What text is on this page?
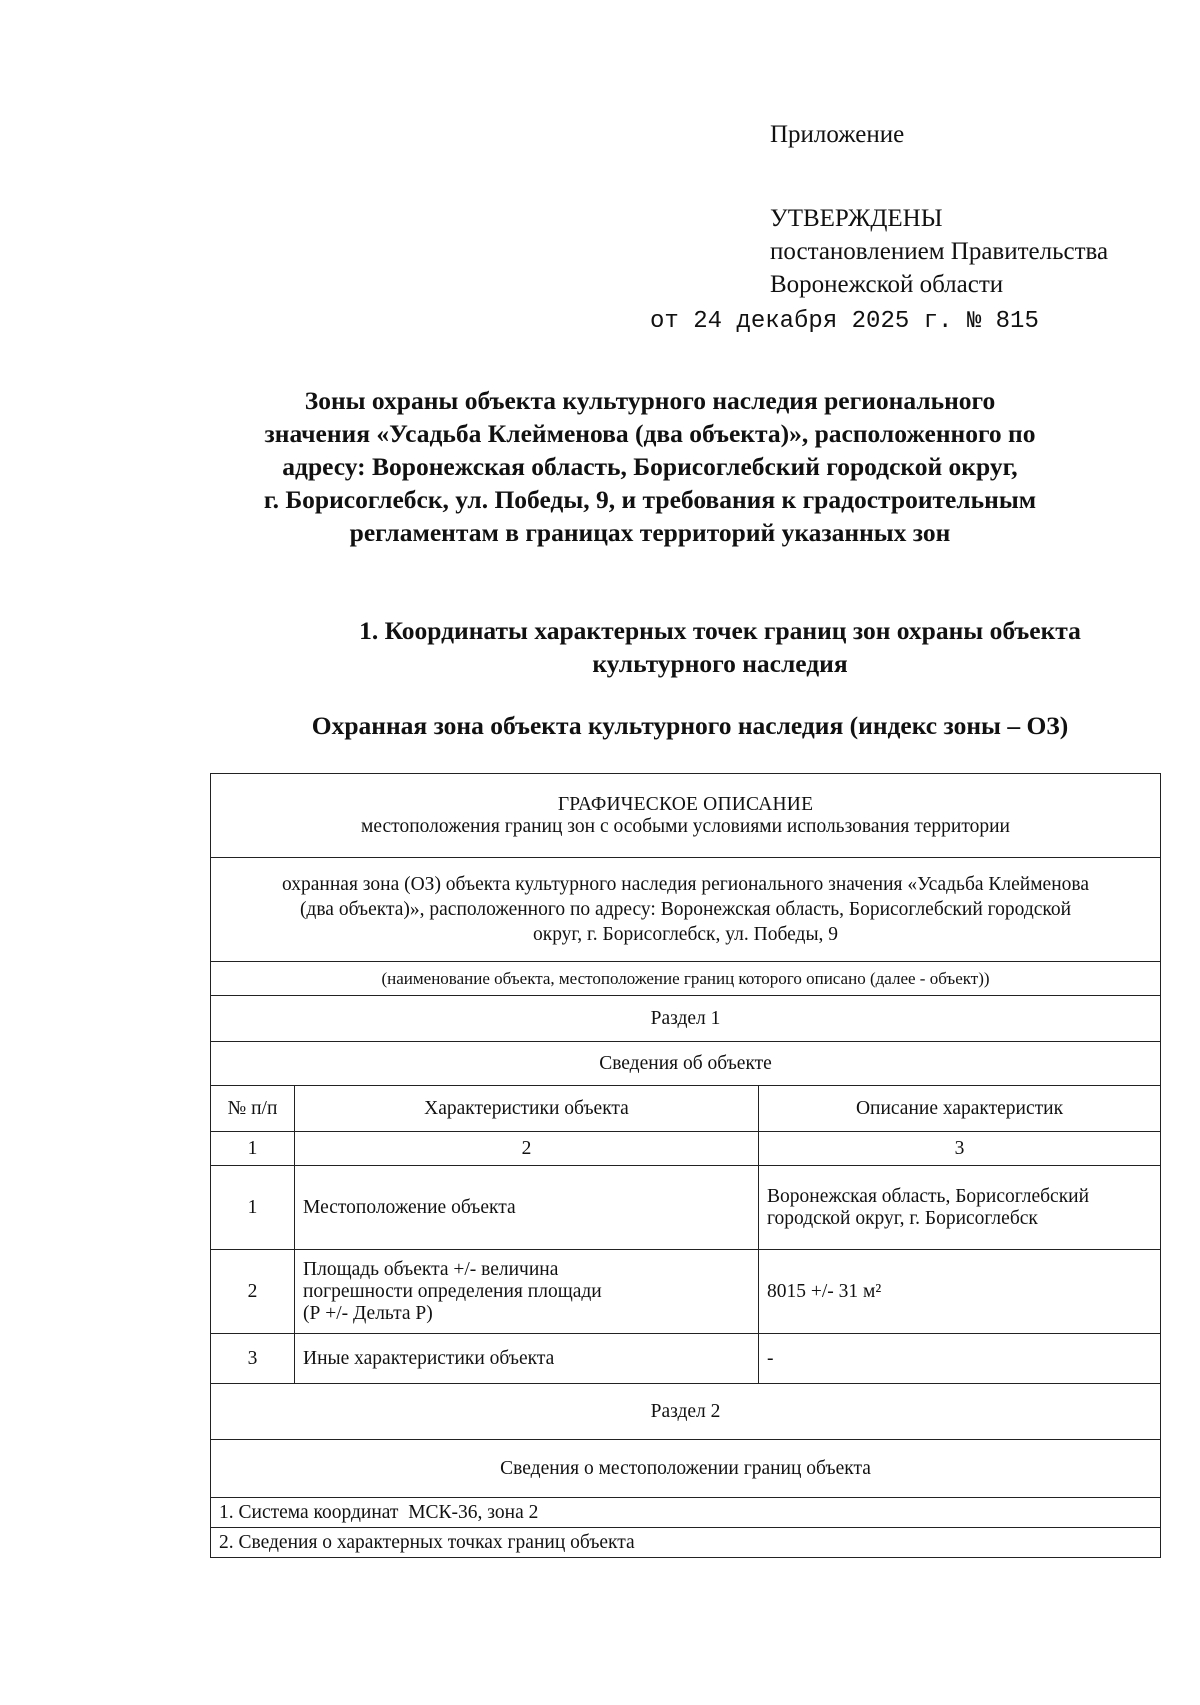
Приложение
УТВЕРЖДЕНЫ
постановлением Правительства
Воронежской области
от 24 декабря 2025 г. № 815
Зоны охраны объекта культурного наследия регионального
значения «Усадьба Клейменова (два объекта)», расположенного по
адресу: Воронежская область, Борисоглебский городской округ,
г. Борисоглебск, ул. Победы, 9, и требования к градостроительным
регламентам в границах территорий указанных зон
1. Координаты характерных точек границ зон охраны объекта
культурного наследия
Охранная зона объекта культурного наследия (индекс зоны – ОЗ)
ГРАФИЧЕСКОЕ ОПИСАНИЕ
местоположения границ зон с особыми условиями использования территории		

охранная зона (ОЗ) объекта культурного наследия регионального значения «Усадьба Клейменова
(два объекта)», расположенного по адресу: Воронежская область, Борисоглебский городской
округ, г. Борисоглебск, ул. Победы, 9		

(наименование объекта, местоположение границ которого описано (далее - объект))		
Раздел 1		
Сведения об объекте		
№ п/п	Характеристики объекта	Описание характеристик
1	2	3
1	Местоположение объекта	Воронежская область, Борисоглебский
городской округ, г. Борисоглебск

2	Площадь объекта +/- величина
погрешности определения площади
(Р +/- Дельта Р)	8015 +/- 31 м²

3	Иные характеристики объекта	-

Раздел 2		
Сведения о местоположении границ объекта		
1. Система координат  МСК-36, зона 2		
2. Сведения о характерных точках границ объекта		
